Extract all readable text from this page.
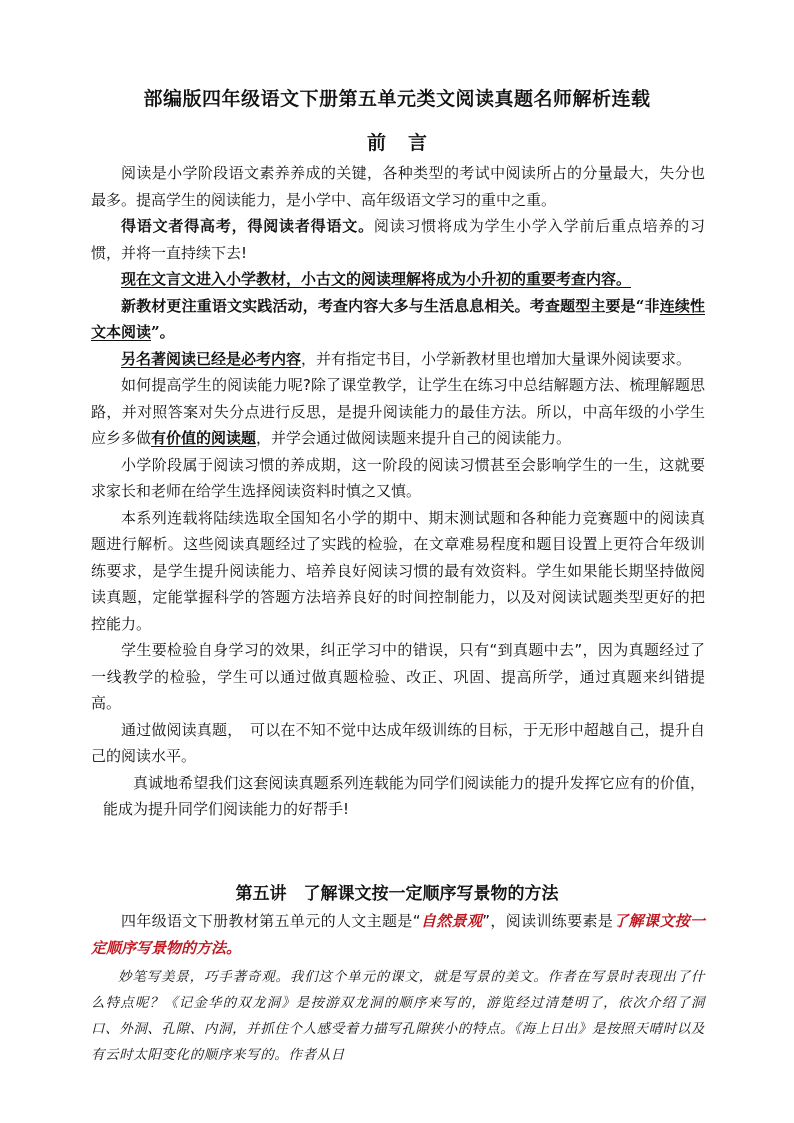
部编版四年级语文下册第五单元类文阅读真题名师解析连载
前言

阅读是小学阶段语文素养养成的关键，各种类型的考试中阅读所占的分量最大，失分也最多。提高学生的阅读能力，是小学中、高年级语文学习的重中之重。

得语文者得高考，得阅读者得语文。阅读习惯将成为学生小学入学前后重点培养的习惯，并将一直持续下去!

现在文言文进入小学教材，小古文的阅读理解将成为小升初的重要考查内容。

新教材更注重语文实践活动，考查内容大多与生活息息相关。考查题型主要是“非连续性文本阅读”。

另名著阅读已经是必考内容，并有指定书目，小学新教材里也增加大量课外阅读要求。

如何提高学生的阅读能力呢?除了课堂教学，让学生在练习中总结解题方法、梳理解题思路，并对照答案对失分点进行反思，是提升阅读能力的最佳方法。所以，中高年级的小学生应乡多做有价值的阅读题，并学会通过做阅读题来提升自己的阅读能力。

小学阶段属于阅读习惯的养成期，这一阶段的阅读习惯甚至会影响学生的一生，这就要求家长和老师在给学生选择阅读资料时慎之又慎。

本系列连载将陆续选取全国知名小学的期中、期末测试题和各种能力竞赛题中的阅读真题进行解析。这些阅读真题经过了实践的检验，在文章难易程度和题目设置上更符合年级训练要求，是学生提升阅读能力、培养良好阅读习惯的最有效资料。学生如果能长期坚持做阅读真题，定能掌握科学的答题方法培养良好的时间控制能力，以及对阅读试题类型更好的把控能力。

学生要检验自身学习的效果，纠正学习中的错误，只有“到真题中去”，因为真题经过了一线教学的检验，学生可以通过做真题检验、改正、巩固、提高所学，通过真题来纠错提高。

通过做阅读真题，　可以在不知不觉中达成年级训练的目标，于无形中超越自己，提升自己的阅读水平。

真诚地希望我们这套阅读真题系列连载能为同学们阅读能力的提升发挥它应有的价值，能成为提升同学们阅读能力的好帮手!

第五讲　了解课文按一定顺序写景物的方法

四年级语文下册教材第五单元的人文主题是“自然景观”，阅读训练要素是了解课文按一定顺序写景物的方法。

妙笔写美景，巧手著奇观。我们这个单元的课文，就是写景的美文。作者在写景时表现出了什么特点呢？《记金华的双龙洞》是按游双龙洞的顺序来写的，游览经过清楚明了，依次介绍了洞口、外洞、孔隙、内洞，并抓住个人感受着力描写孔隙狭小的特点。《海上日出》是按照天晴时以及有云时太阳变化的顺序来写的。作者从日
